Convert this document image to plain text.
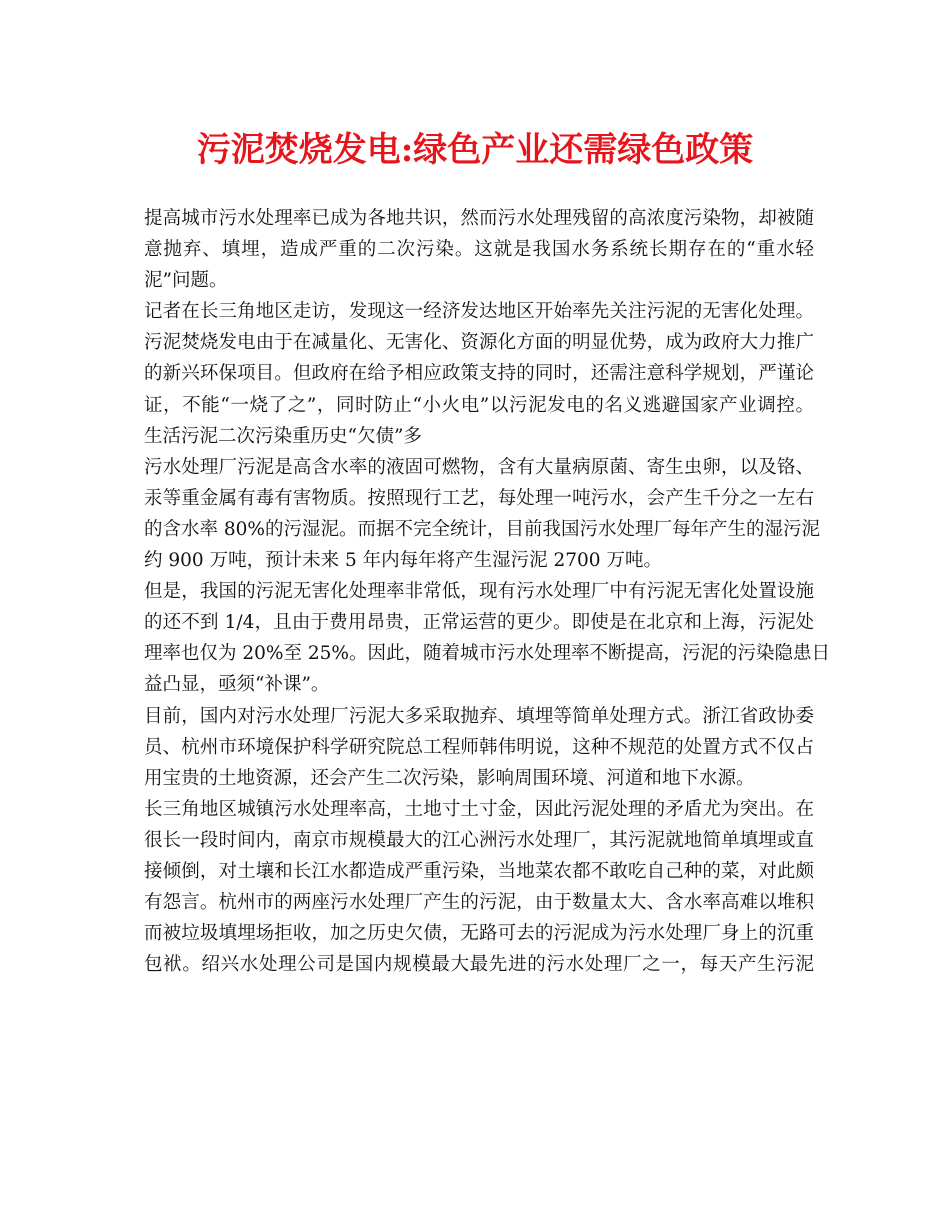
污泥焚烧发电:绿色产业还需绿色政策
提高城市污水处理率已成为各地共识，然而污水处理残留的高浓度污染物，却被随
意抛弃、填埋，造成严重的二次污染。这就是我国水务系统长期存在的“重水轻
泥”问题。
记者在长三角地区走访，发现这一经济发达地区开始率先关注污泥的无害化处理。
污泥焚烧发电由于在减量化、无害化、资源化方面的明显优势，成为政府大力推广
的新兴环保项目。但政府在给予相应政策支持的同时，还需注意科学规划，严谨论
证，不能“一烧了之”，同时防止“小火电”以污泥发电的名义逃避国家产业调控。
生活污泥二次污染重历史“欠债”多
污水处理厂污泥是高含水率的液固可燃物，含有大量病原菌、寄生虫卵，以及铬、
汞等重金属有毒有害物质。按照现行工艺，每处理一吨污水，会产生千分之一左右
的含水率 80%的污湿泥。而据不完全统计，目前我国污水处理厂每年产生的湿污泥
约 900 万吨，预计未来 5 年内每年将产生湿污泥 2700 万吨。
但是，我国的污泥无害化处理率非常低，现有污水处理厂中有污泥无害化处置设施
的还不到 1/4，且由于费用昂贵，正常运营的更少。即使是在北京和上海，污泥处
理率也仅为 20%至 25%。因此，随着城市污水处理率不断提高，污泥的污染隐患日
益凸显，亟须“补课”。
目前，国内对污水处理厂污泥大多采取抛弃、填埋等简单处理方式。浙江省政协委
员、杭州市环境保护科学研究院总工程师韩伟明说，这种不规范的处置方式不仅占
用宝贵的土地资源，还会产生二次污染，影响周围环境、河道和地下水源。
长三角地区城镇污水处理率高，土地寸土寸金，因此污泥处理的矛盾尤为突出。在
很长一段时间内，南京市规模最大的江心洲污水处理厂，其污泥就地简单填埋或直
接倾倒，对土壤和长江水都造成严重污染，当地菜农都不敢吃自己种的菜，对此颇
有怨言。杭州市的两座污水处理厂产生的污泥，由于数量太大、含水率高难以堆积
而被垃圾填埋场拒收，加之历史欠债，无路可去的污泥成为污水处理厂身上的沉重
包袱。绍兴水处理公司是国内规模最大最先进的污水处理厂之一，每天产生污泥
